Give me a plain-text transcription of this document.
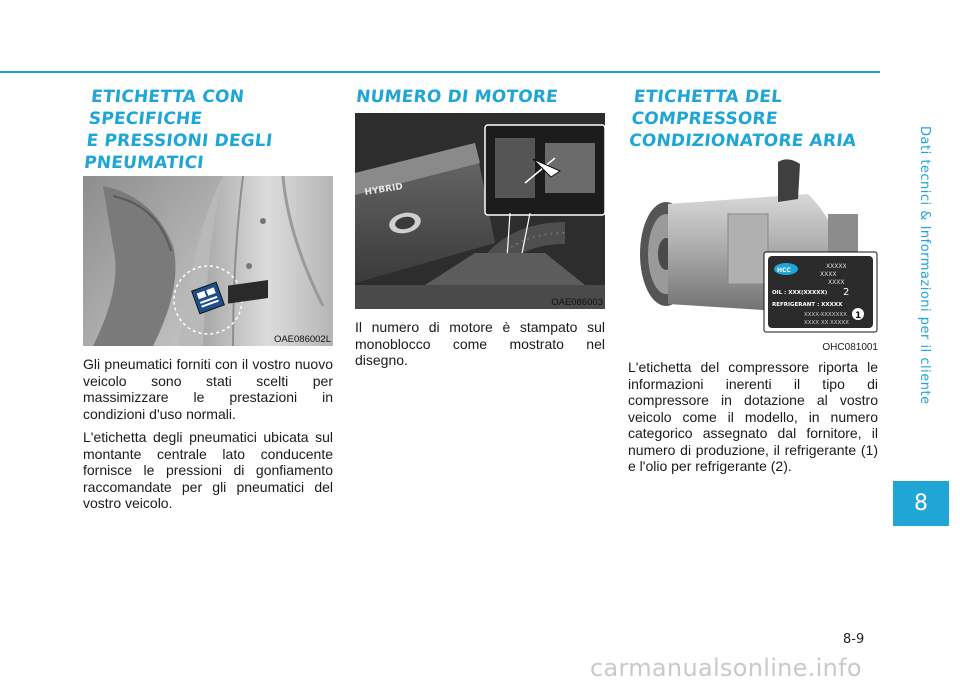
Dati tecnici & Informazioni per il cliente
8
ETICHETTA CON SPECIFICHE
E PRESSIONI DEGLI
PNEUMATICI
OAE086002L

Gli pneumatici forniti con il vostro nuovo veicolo sono stati scelti per massimizzare le prestazioni in condizioni d'uso normali.

L'etichetta degli pneumatici ubicata sul montante centrale lato conducente fornisce le pressioni di gonfiamento raccomandate per gli pneumatici del vostro veicolo.

NUMERO DI MOTORE
HYBRID
OAE086003

Il numero di motore è stampato sul monoblocco come mostrato nel disegno.

ETICHETTA DEL
COMPRESSORE
CONDIZIONATORE ARIA
HCC
XXXXX
XXXX
XXXX
OIL : XXX(XXXXX) 2
REFRIGERANT : XXXXX
XXXX-XXXXXXX
XXXX XX XXXXX
1
OHC081001

L'etichetta del compressore riporta le informazioni inerenti il tipo di compressore in dotazione al vostro veicolo come il modello, in numero categorico assegnato dal fornitore, il numero di produzione, il refrigerante (1) e l'olio per refrigerante (2).

8-9
carmanualsonline.info
